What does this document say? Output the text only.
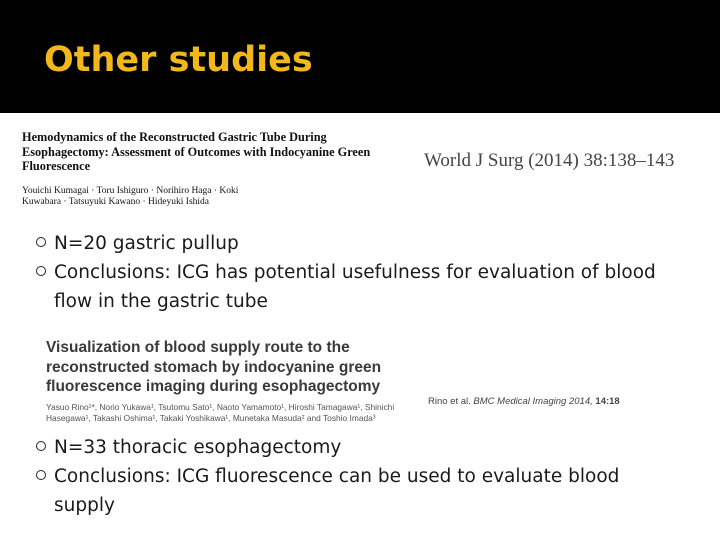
Other studies
Hemodynamics of the Reconstructed Gastric Tube During Esophagectomy: Assessment of Outcomes with Indocyanine Green Fluorescence
Youichi Kumagai · Toru Ishiguro · Norihiro Haga · Koki Kuwabara · Tatsuyuki Kawano · Hideyuki Ishida
World J Surg (2014) 38:138–143
N=20 gastric pullup
Conclusions: ICG has potential usefulness for evaluation of blood flow in the gastric tube
Visualization of blood supply route to the reconstructed stomach by indocyanine green fluorescence imaging during esophagectomy
Yasuo Rino¹*, Norio Yukawa¹, Tsutomu Sato¹, Naoto Yamamoto¹, Hiroshi Tamagawa¹, Shinichi Hasegawa¹, Takashi Oshima¹, Takaki Yoshikawa¹, Munetaka Masuda² and Toshio Imada³
Rino et al. BMC Medical Imaging 2014, 14:18
N=33 thoracic esophagectomy
Conclusions: ICG fluorescence can be used to evaluate blood supply
